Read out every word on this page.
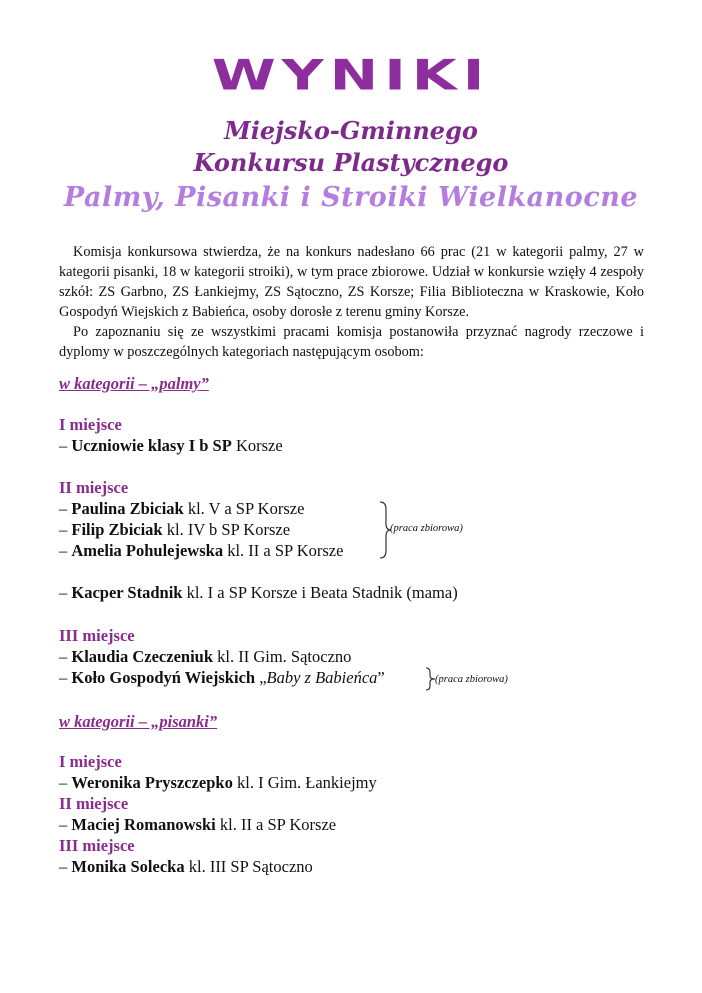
WYNIKI
Miejsko-Gminnego
Konkursu Plastycznego
Palmy, Pisanki i Stroiki Wielkanocne

Komisja konkursowa stwierdza, że na konkurs nadesłano 66 prac (21 w kategorii palmy, 27 w kategorii pisanki, 18 w kategorii stroiki), w tym prace zbiorowe. Udział w konkursie wzięły 4 zespoły szkół: ZS Garbno, ZS Łankiejmy, ZS Sątoczno, ZS Korsze; Filia Biblioteczna w Kraskowie, Koło Gospodyń Wiejskich z Babieńca, osoby dorosłe z terenu gminy Korsze.

Po zapoznaniu się ze wszystkimi pracami komisja postanowiła przyznać nagrody rzeczowe i dyplomy w poszczególnych kategoriach następującym osobom:

w kategorii – „palmy”
I miejsce
– Uczniowie klasy I b SP Korsze
II miejsce
– Paulina Zbiciak kl. V a SP Korsze
– Filip Zbiciak kl. IV b SP Korsze
– Amelia Pohulejewska kl. II a SP Korsze
(praca zbiorowa)
– Kacper Stadnik kl. I a SP Korsze i Beata Stadnik (mama)
III miejsce
– Klaudia Czeczeniuk kl. II Gim. Sątoczno
– Koło Gospodyń Wiejskich „Baby z Babieńca”	(praca zbiorowa)
w kategorii – „pisanki”
I miejsce
– Weronika Pryszczepko kl. I Gim. Łankiejmy
II miejsce
– Maciej Romanowski kl. II a SP Korsze
III miejsce
– Monika Solecka kl. III SP Sątoczno
